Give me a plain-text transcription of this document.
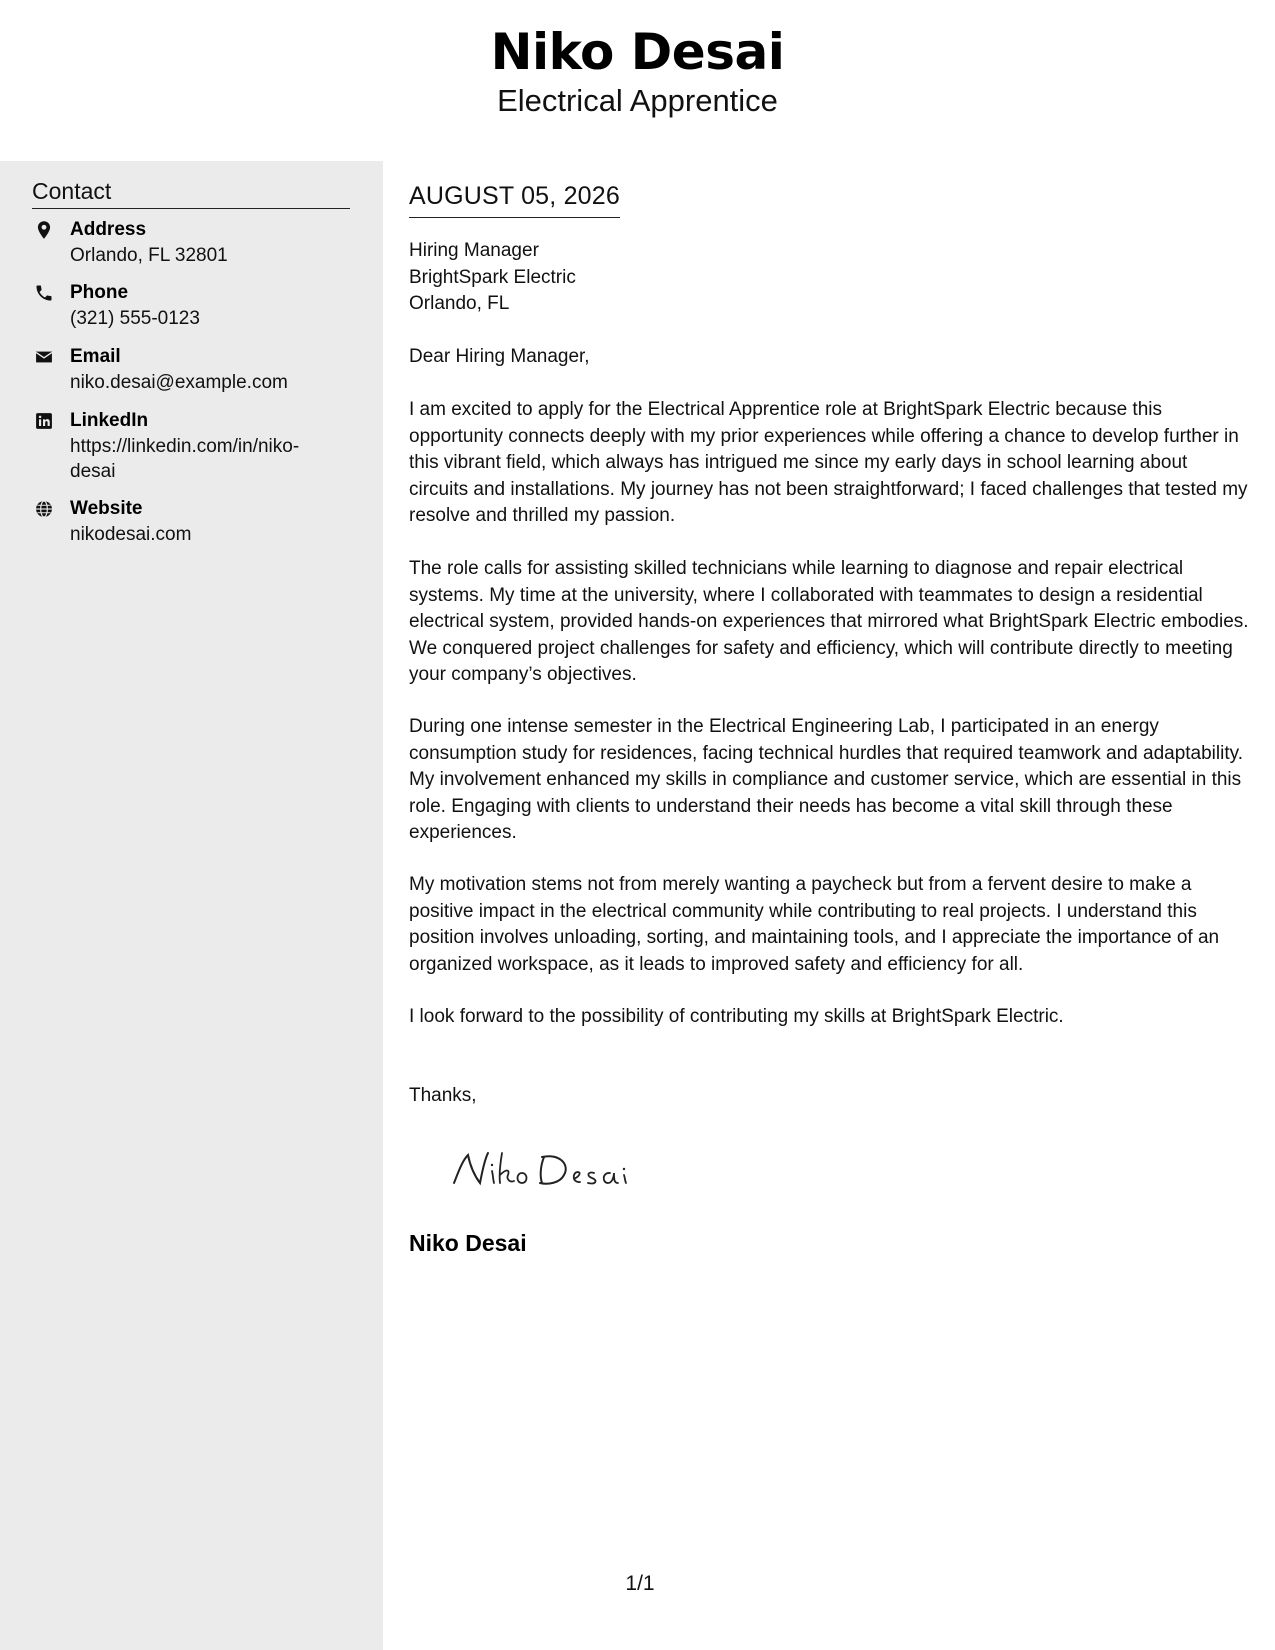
Niko Desai
Electrical Apprentice
Contact
Address
Orlando, FL 32801
Phone
(321) 555-0123
Email
niko.desai@example.com
LinkedIn
https://linkedin.com/in/niko-desai
Website
nikodesai.com
AUGUST 05, 2026
Hiring Manager
BrightSpark Electric
Orlando, FL

Dear Hiring Manager,

I am excited to apply for the Electrical Apprentice role at BrightSpark Electric because this opportunity connects deeply with my prior experiences while offering a chance to develop further in this vibrant field, which always has intrigued me since my early days in school learning about circuits and installations. My journey has not been straightforward; I faced challenges that tested my resolve and thrilled my passion.

The role calls for assisting skilled technicians while learning to diagnose and repair electrical systems. My time at the university, where I collaborated with teammates to design a residential electrical system, provided hands-on experiences that mirrored what BrightSpark Electric embodies. We conquered project challenges for safety and efficiency, which will contribute directly to meeting your company’s objectives.

During one intense semester in the Electrical Engineering Lab, I participated in an energy consumption study for residences, facing technical hurdles that required teamwork and adaptability. My involvement enhanced my skills in compliance and customer service, which are essential in this role. Engaging with clients to understand their needs has become a vital skill through these experiences.

My motivation stems not from merely wanting a paycheck but from a fervent desire to make a positive impact in the electrical community while contributing to real projects. I understand this position involves unloading, sorting, and maintaining tools, and I appreciate the importance of an organized workspace, as it leads to improved safety and efficiency for all.

I look forward to the possibility of contributing my skills at BrightSpark Electric.

Thanks,

Niko Desai
1/1
